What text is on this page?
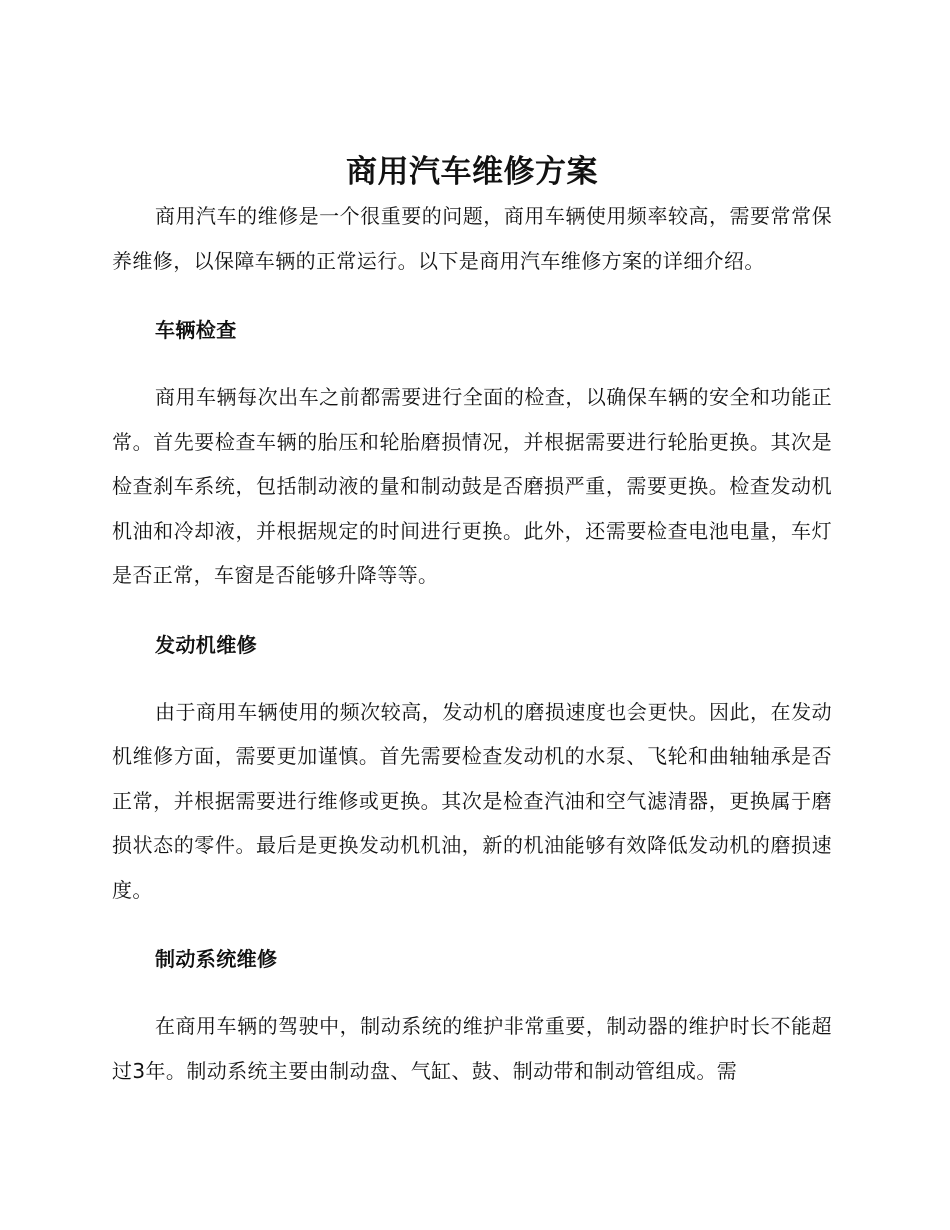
商用汽车维修方案

商用汽车的维修是一个很重要的问题，商用车辆使用频率较高，需要常常保养维修，以保障车辆的正常运行。以下是商用汽车维修方案的详细介绍。

车辆检查

商用车辆每次出车之前都需要进行全面的检查，以确保车辆的安全和功能正常。首先要检查车辆的胎压和轮胎磨损情况，并根据需要进行轮胎更换。其次是检查刹车系统，包括制动液的量和制动鼓是否磨损严重，需要更换。检查发动机机油和冷却液，并根据规定的时间进行更换。此外，还需要检查电池电量，车灯是否正常，车窗是否能够升降等等。

发动机维修

由于商用车辆使用的频次较高，发动机的磨损速度也会更快。因此，在发动机维修方面，需要更加谨慎。首先需要检查发动机的水泵、飞轮和曲轴轴承是否正常，并根据需要进行维修或更换。其次是检查汽油和空气滤清器，更换属于磨损状态的零件。最后是更换发动机机油，新的机油能够有效降低发动机的磨损速度。

制动系统维修

在商用车辆的驾驶中，制动系统的维护非常重要，制动器的维护时长不能超过3年。制动系统主要由制动盘、气缸、鼓、制动带和制动管组成。需
